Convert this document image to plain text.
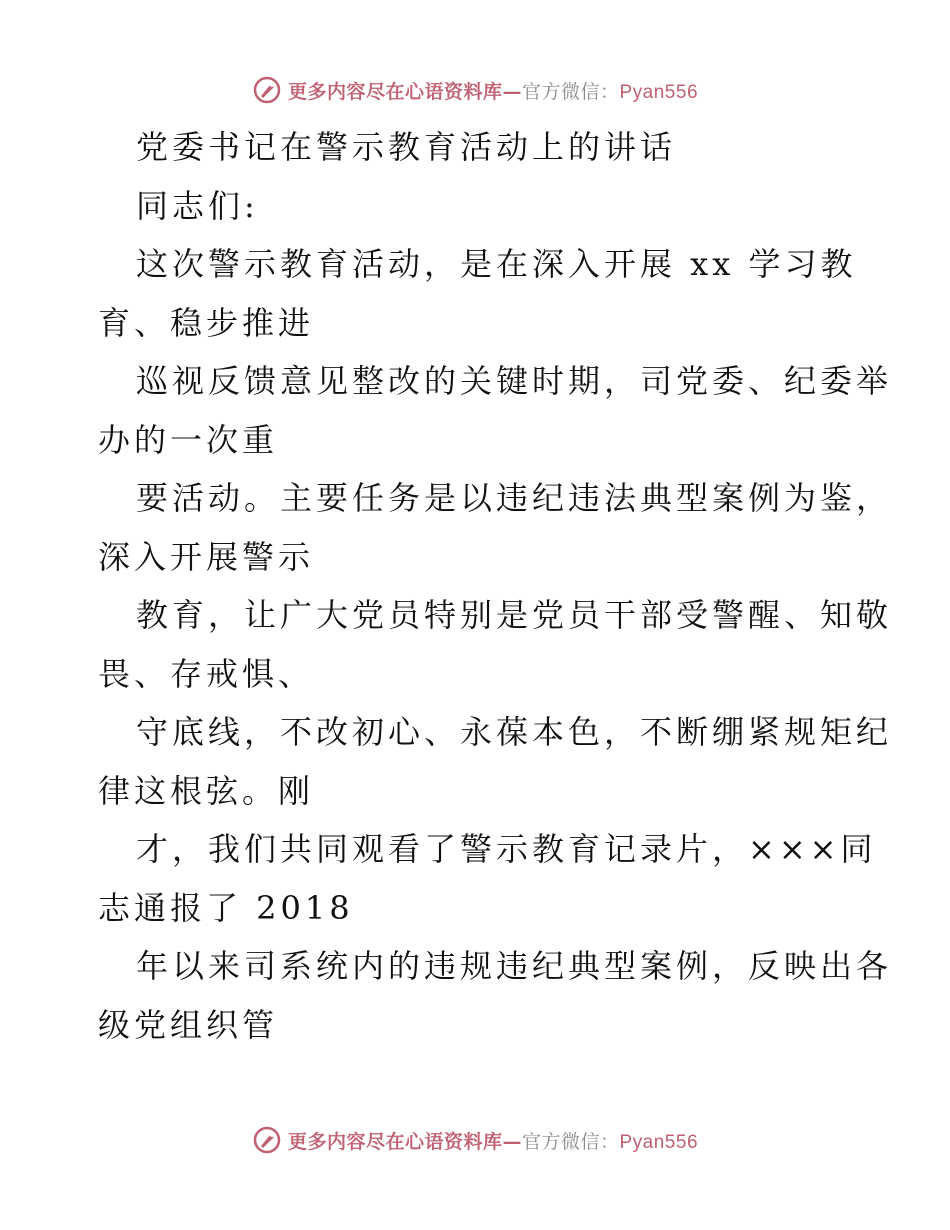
更多内容尽在心语资料库—官方微信：Pyan556
党委书记在警示教育活动上的讲话
同志们:
这次警示教育活动，是在深入开展 xx 学习教
育、稳步推进
巡视反馈意见整改的关键时期，司党委、纪委举
办的一次重
要活动。主要任务是以违纪违法典型案例为鉴，
深入开展警示
教育，让广大党员特别是党员干部受警醒、知敬
畏、存戒惧、
守底线，不改初心、永葆本色，不断绷紧规矩纪
律这根弦。刚
才，我们共同观看了警示教育记录片，×××同
志通报了 2018
年以来司系统内的违规违纪典型案例，反映出各
级党组织管
更多内容尽在心语资料库—官方微信：Pyan556
